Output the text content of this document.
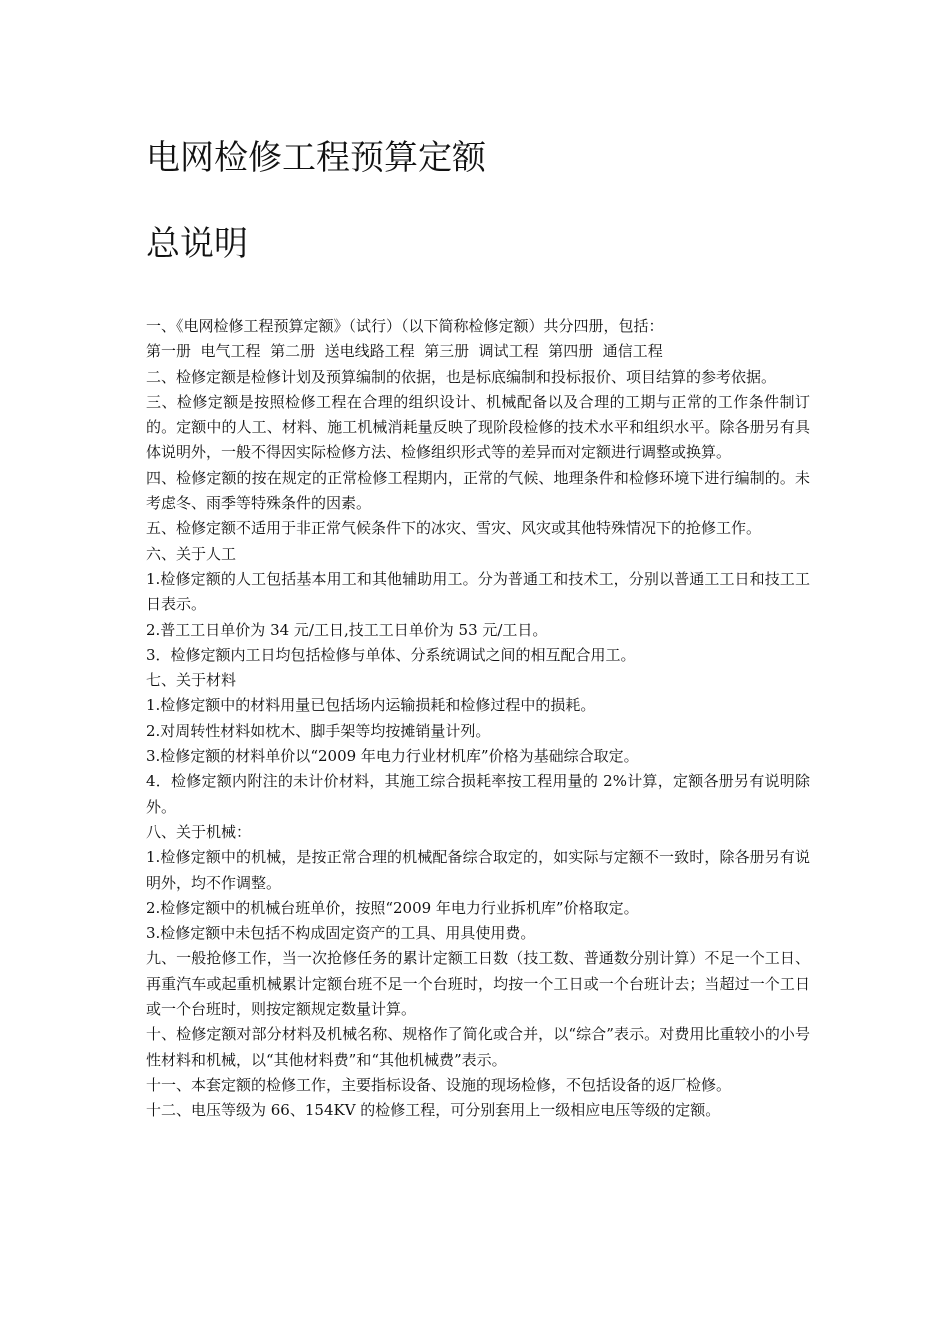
电网检修工程预算定额
总说明

一、《电网检修工程预算定额》（试行）（以下简称检修定额）共分四册，包括：

第一册  电气工程  第二册  送电线路工程  第三册  调试工程  第四册  通信工程

二、检修定额是检修计划及预算编制的依据，也是标底编制和投标报价、项目结算的参考依据。

三、检修定额是按照检修工程在合理的组织设计、机械配备以及合理的工期与正常的工作条件制订的。定额中的人工、材料、施工机械消耗量反映了现阶段检修的技术水平和组织水平。除各册另有具体说明外，一般不得因实际检修方法、检修组织形式等的差异而对定额进行调整或换算。

四、检修定额的按在规定的正常检修工程期内，正常的气候、地理条件和检修环境下进行编制的。未考虑冬、雨季等特殊条件的因素。

五、检修定额不适用于非正常气候条件下的冰灾、雪灾、风灾或其他特殊情况下的抢修工作。

六、关于人工

1.检修定额的人工包括基本用工和其他辅助用工。分为普通工和技术工，分别以普通工工日和技工工日表示。

2.普工工日单价为 34 元/工日,技工工日单价为 53 元/工日。

3．检修定额内工日均包括检修与单体、分系统调试之间的相互配合用工。

七、关于材料

1.检修定额中的材料用量已包括场内运输损耗和检修过程中的损耗。

2.对周转性材料如枕木、脚手架等均按摊销量计列。

3.检修定额的材料单价以“2009 年电力行业材机库”价格为基础综合取定。

4．检修定额内附注的未计价材料，其施工综合损耗率按工程用量的 2%计算，定额各册另有说明除外。

八、关于机械：

1.检修定额中的机械，是按正常合理的机械配备综合取定的，如实际与定额不一致时，除各册另有说明外，均不作调整。

2.检修定额中的机械台班单价，按照“2009 年电力行业拆机库”价格取定。

3.检修定额中未包括不构成固定资产的工具、用具使用费。

九、一般抢修工作，当一次抢修任务的累计定额工日数（技工数、普通数分别计算）不足一个工日、再重汽车或起重机械累计定额台班不足一个台班时，均按一个工日或一个台班计去；当超过一个工日或一个台班时，则按定额规定数量计算。

十、检修定额对部分材料及机械名称、规格作了简化或合并，以“综合”表示。对费用比重较小的小号性材料和机械，以“其他材料费”和“其他机械费”表示。

十一、本套定额的检修工作，主要指标设备、设施的现场检修，不包括设备的返厂检修。

十二、电压等级为 66、154KV 的检修工程，可分别套用上一级相应电压等级的定额。
